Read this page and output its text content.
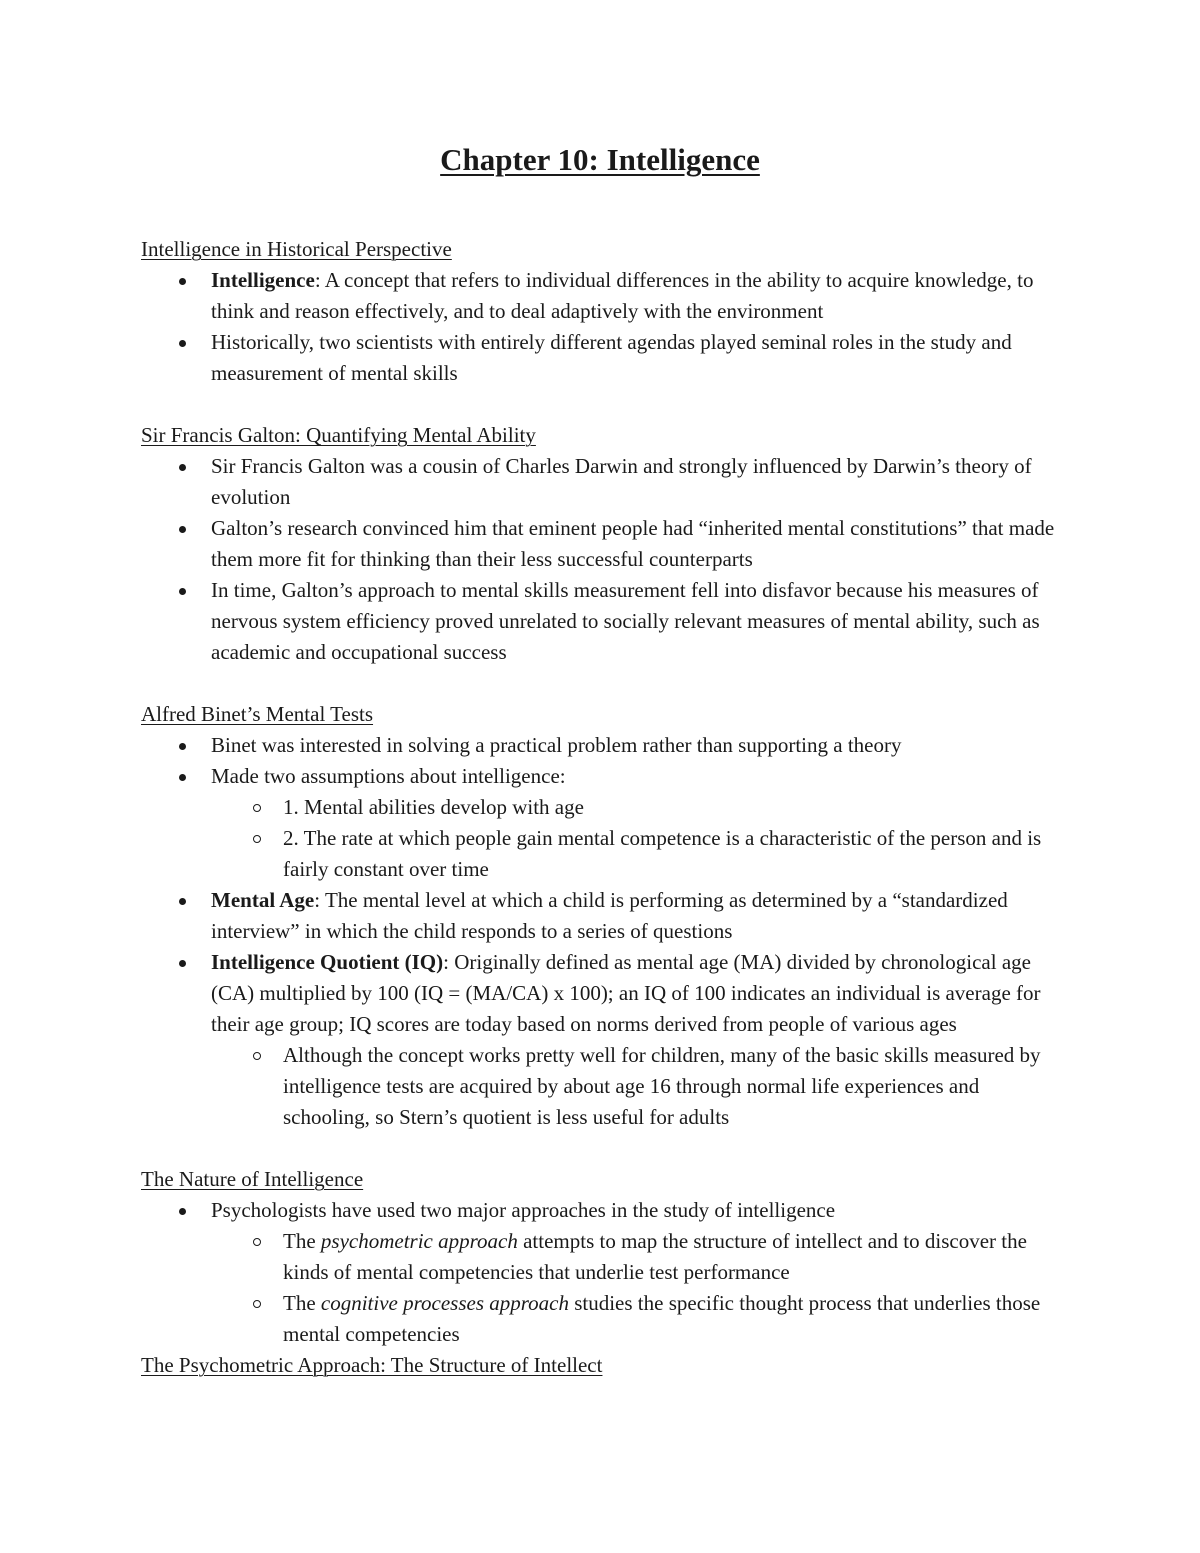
Chapter 10: Intelligence
Intelligence in Historical Perspective
Intelligence: A concept that refers to individual differences in the ability to acquire knowledge, to think and reason effectively, and to deal adaptively with the environment
Historically, two scientists with entirely different agendas played seminal roles in the study and measurement of mental skills
Sir Francis Galton: Quantifying Mental Ability
Sir Francis Galton was a cousin of Charles Darwin and strongly influenced by Darwin’s theory of evolution
Galton’s research convinced him that eminent people had “inherited mental constitutions” that made them more fit for thinking than their less successful counterparts
In time, Galton’s approach to mental skills measurement fell into disfavor because his measures of nervous system efficiency proved unrelated to socially relevant measures of mental ability, such as academic and occupational success
Alfred Binet’s Mental Tests
Binet was interested in solving a practical problem rather than supporting a theory
Made two assumptions about intelligence:
1. Mental abilities develop with age
2. The rate at which people gain mental competence is a characteristic of the person and is fairly constant over time
Mental Age: The mental level at which a child is performing as determined by a “standardized interview” in which the child responds to a series of questions
Intelligence Quotient (IQ): Originally defined as mental age (MA) divided by chronological age (CA) multiplied by 100 (IQ = (MA/CA) x 100); an IQ of 100 indicates an individual is average for their age group; IQ scores are today based on norms derived from people of various ages
Although the concept works pretty well for children, many of the basic skills measured by intelligence tests are acquired by about age 16 through normal life experiences and schooling, so Stern’s quotient is less useful for adults
The Nature of Intelligence
Psychologists have used two major approaches in the study of intelligence
The psychometric approach attempts to map the structure of intellect and to discover the kinds of mental competencies that underlie test performance
The cognitive processes approach studies the specific thought process that underlies those mental competencies
The Psychometric Approach: The Structure of Intellect
